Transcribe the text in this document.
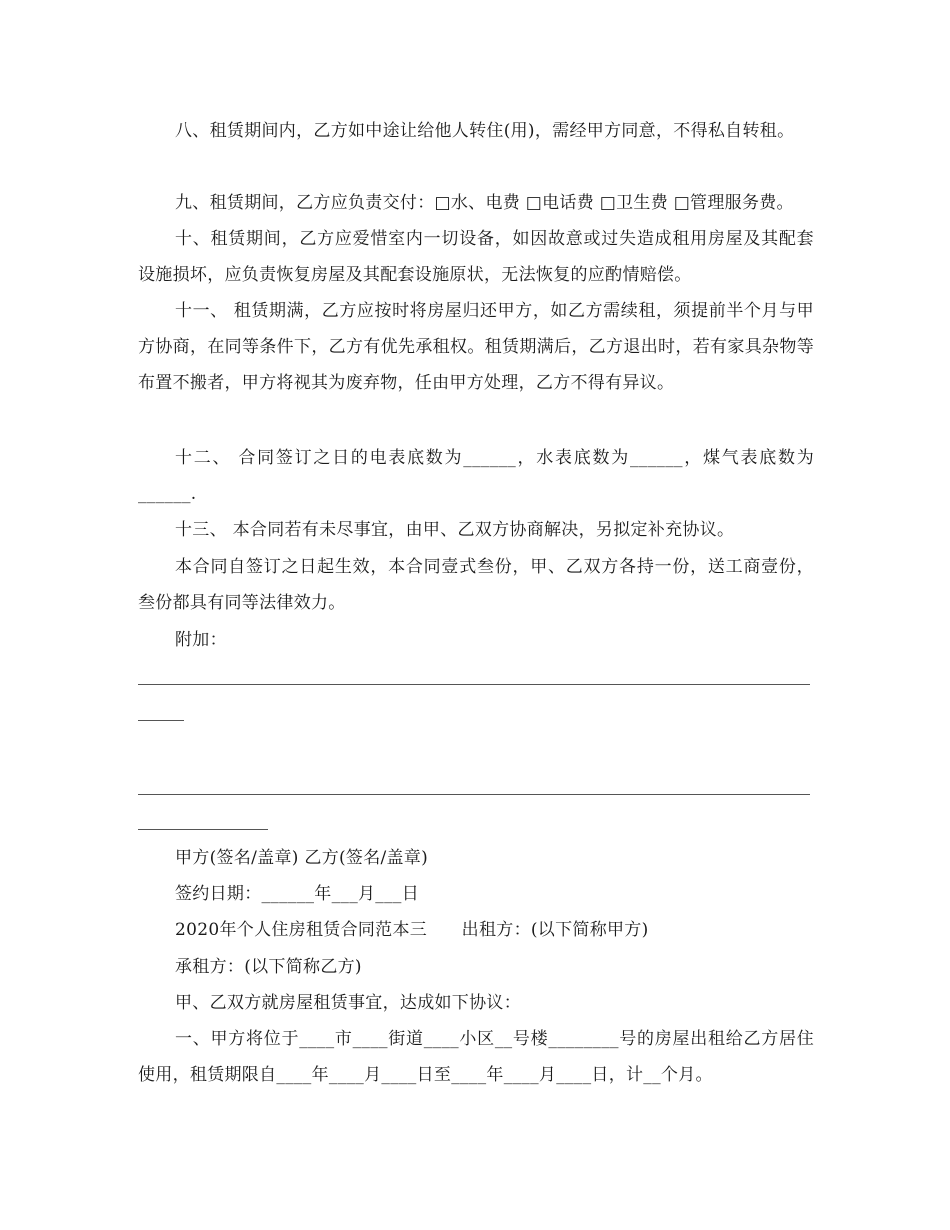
八、租赁期间内，乙方如中途让给他人转住(用)，需经甲方同意，不得私自转租。

九、租赁期间，乙方应负责交付：□水、电费 □电话费 □卫生费 □管理服务费。

十、租赁期间，乙方应爱惜室内一切设备，如因故意或过失造成租用房屋及其配套设施损坏，应负责恢复房屋及其配套设施原状，无法恢复的应酌情赔偿。

十一、 租赁期满，乙方应按时将房屋归还甲方，如乙方需续租，须提前半个月与甲方协商，在同等条件下，乙方有优先承租权。租赁期满后，乙方退出时，若有家具杂物等布置不搬者，甲方将视其为废弃物，任由甲方处理，乙方不得有异议。

十二、 合同签订之日的电表底数为______，水表底数为______，煤气表底数为______.

十三、 本合同若有未尽事宜，由甲、乙双方协商解决，另拟定补充协议。

本合同自签订之日起生效，本合同壹式叁份，甲、乙双方各持一份，送工商壹份，叁份都具有同等法律效力。

附加：

甲方(签名/盖章) 乙方(签名/盖章)

签约日期：______年___月___日

2020年个人住房租赁合同范本三　　出租方：(以下简称甲方)

承租方：(以下简称乙方)

甲、乙双方就房屋租赁事宜，达成如下协议：

一、甲方将位于____市____街道____小区__号楼________号的房屋出租给乙方居住使用，租赁期限自____年____月____日至____年____月____日，计__个月。
